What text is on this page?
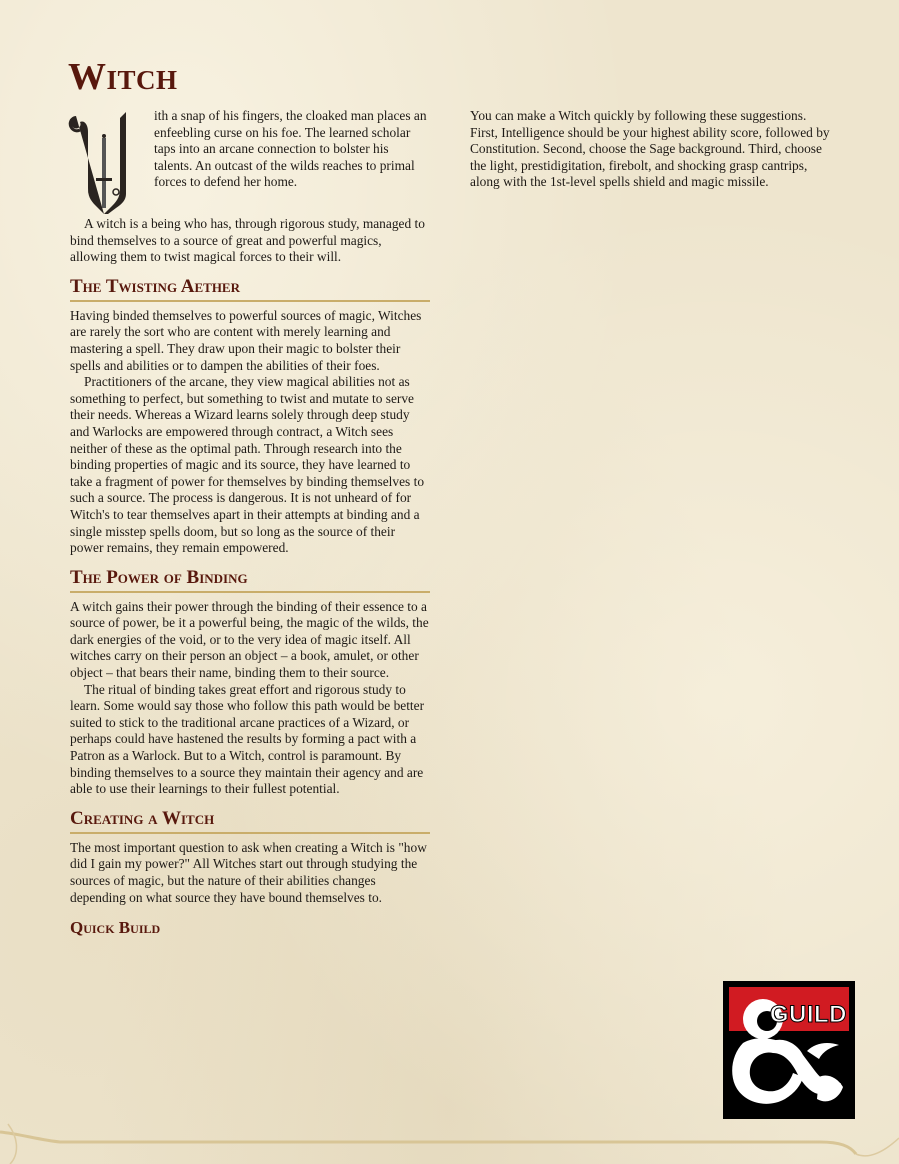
Witch

ith a snap of his fingers, the cloaked man places an enfeebling curse on his foe. The learned scholar taps into an arcane connection to bolster his talents. An outcast of the wilds reaches to primal forces to defend her home.

A witch is a being who has, through rigorous study, managed to bind themselves to a source of great and powerful magics, allowing them to twist magical forces to their will.

The Twisting Aether

Having binded themselves to powerful sources of magic, Witches are rarely the sort who are content with merely learning and mastering a spell. They draw upon their magic to bolster their spells and abilities or to dampen the abilities of their foes.

Practitioners of the arcane, they view magical abilities not as something to perfect, but something to twist and mutate to serve their needs. Whereas a Wizard learns solely through deep study and Warlocks are empowered through contract, a Witch sees neither of these as the optimal path. Through research into the binding properties of magic and its source, they have learned to take a fragment of power for themselves by binding themselves to such a source. The process is dangerous. It is not unheard of for Witch's to tear themselves apart in their attempts at binding and a single misstep spells doom, but so long as the source of their power remains, they remain empowered.

The Power of Binding

A witch gains their power through the binding of their essence to a source of power, be it a powerful being, the magic of the wilds, the dark energies of the void, or to the very idea of magic itself. All witches carry on their person an object – a book, amulet, or other object – that bears their name, binding them to their source.

The ritual of binding takes great effort and rigorous study to learn. Some would say those who follow this path would be better suited to stick to the traditional arcane practices of a Wizard, or perhaps could have hastened the results by forming a pact with a Patron as a Warlock. But to a Witch, control is paramount. By binding themselves to a source they maintain their agency and are able to use their learnings to their fullest potential.

Creating a Witch

The most important question to ask when creating a Witch is "how did I gain my power?" All Witches start out through studying the sources of magic, but the nature of their abilities changes depending on what source they have bound themselves to.

Quick Build

You can make a Witch quickly by following these suggestions. First, Intelligence should be your highest ability score, followed by Constitution. Second, choose the Sage background. Third, choose the light, prestidigitation, firebolt, and shocking grasp cantrips, along with the 1st-level spells shield and magic missile.

GUILD
